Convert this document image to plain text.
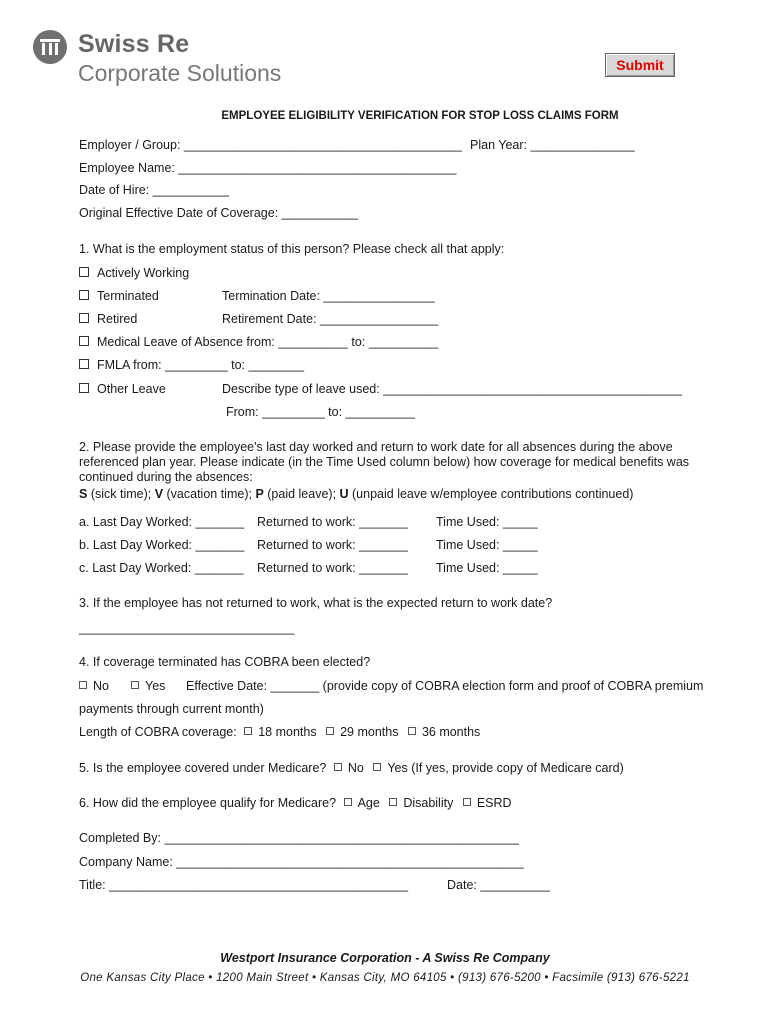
Swiss Re
Corporate Solutions	Submit
EMPLOYEE ELIGIBILITY VERIFICATION FOR STOP LOSS CLAIMS FORM
Employer / Group: ________________________________________ Plan Year: _______________
Employee Name: ________________________________________
Date of Hire: ___________
Original Effective Date of Coverage: ___________
1. What is the employment status of this person? Please check all that apply:
Actively Working
Terminated	Termination Date: ________________
Retired	Retirement Date: _________________
Medical Leave of Absence from: __________ to: __________
FMLA from: _________ to: ________
Other Leave	Describe type of leave used: ___________________________________________
From: _________ to: __________
2. Please provide the employee's last day worked and return to work date for all absences during the above referenced plan year. Please indicate (in the Time Used column below) how coverage for medical benefits was continued during the absences:
S (sick time); V (vacation time); P (paid leave); U (unpaid leave w/employee contributions continued)
a. Last Day Worked: _______ Returned to work: _______ Time Used: _____
b. Last Day Worked: _______ Returned to work: _______ Time Used: _____
c. Last Day Worked: _______ Returned to work: _______ Time Used: _____
3. If the employee has not returned to work, what is the expected return to work date?
_______________________________
4. If coverage terminated has COBRA been elected?
No	Yes Effective Date: _______ (provide copy of COBRA election form and proof of COBRA premium
payments through current month)
Length of COBRA coverage: 18 months 29 months 36 months
5. Is the employee covered under Medicare? No Yes (If yes, provide copy of Medicare card)
6. How did the employee qualify for Medicare? Age Disability ESRD
Completed By: ___________________________________________________
Company Name: __________________________________________________
Title: ___________________________________________	Date: __________
Westport Insurance Corporation - A Swiss Re Company
One Kansas City Place • 1200 Main Street • Kansas City, MO 64105 • (913) 676-5200 • Facsimile (913) 676-5221
